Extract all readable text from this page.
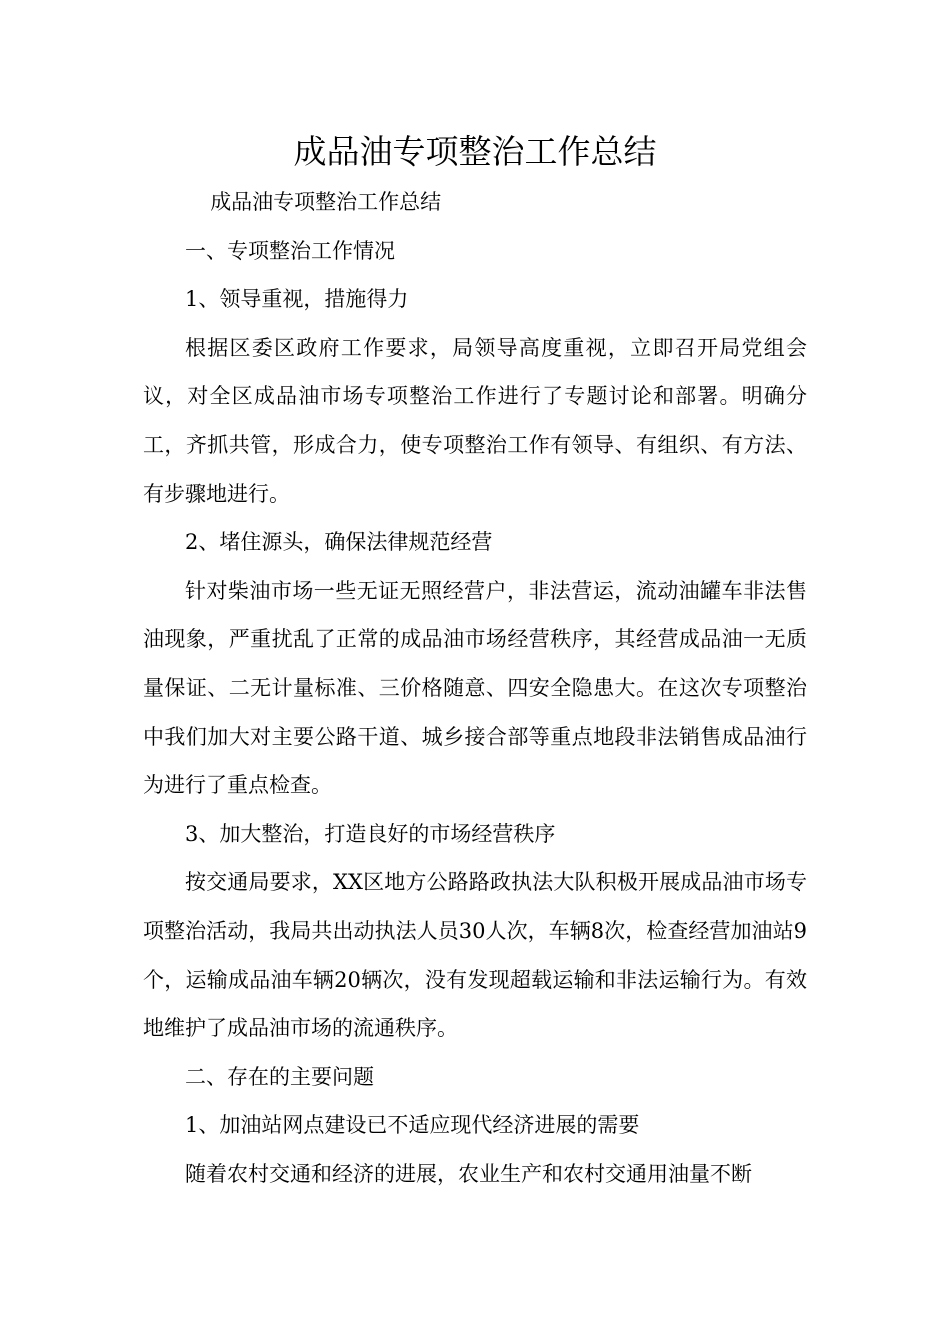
成品油专项整治工作总结

成品油专项整治工作总结

一、专项整治工作情况

1、领导重视，措施得力

根据区委区政府工作要求，局领导高度重视，立即召开局党组会议，对全区成品油市场专项整治工作进行了专题讨论和部署。明确分工，齐抓共管，形成合力，使专项整治工作有领导、有组织、有方法、有步骤地进行。

2、堵住源头，确保法律规范经营

针对柴油市场一些无证无照经营户，非法营运，流动油罐车非法售油现象，严重扰乱了正常的成品油市场经营秩序，其经营成品油一无质量保证、二无计量标准、三价格随意、四安全隐患大。在这次专项整治中我们加大对主要公路干道、城乡接合部等重点地段非法销售成品油行为进行了重点检查。

3、加大整治，打造良好的市场经营秩序

按交通局要求，XX区地方公路路政执法大队积极开展成品油市场专项整治活动，我局共出动执法人员30人次，车辆8次，检查经营加油站9个，运输成品油车辆20辆次，没有发现超载运输和非法运输行为。有效地维护了成品油市场的流通秩序。

二、存在的主要问题

1、加油站网点建设已不适应现代经济进展的需要

随着农村交通和经济的进展，农业生产和农村交通用油量不断
